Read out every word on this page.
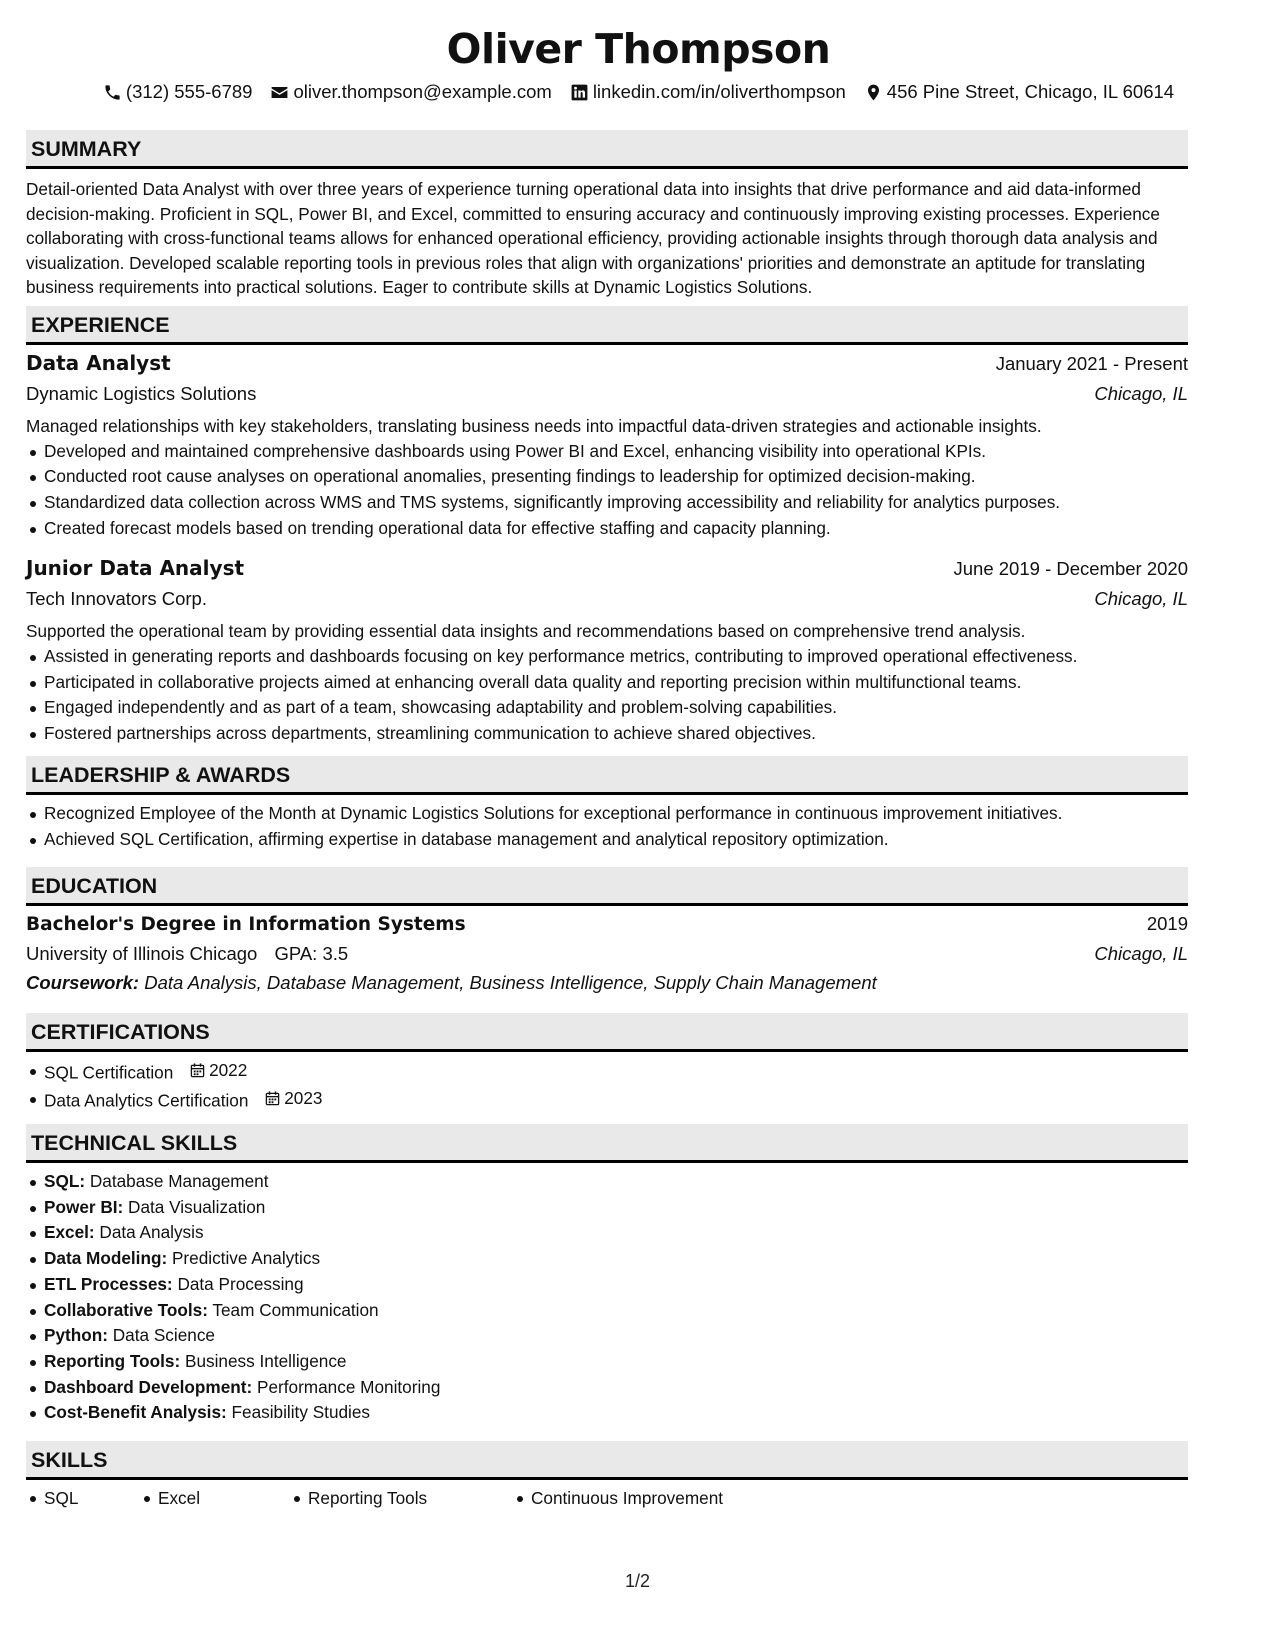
Oliver Thompson
(312) 555-6789 oliver.thompson@example.com linkedin.com/in/oliverthompson 456 Pine Street, Chicago, IL 60614
SUMMARY
Detail-oriented Data Analyst with over three years of experience turning operational data into insights that drive performance and aid data-informed decision-making. Proficient in SQL, Power BI, and Excel, committed to ensuring accuracy and continuously improving existing processes. Experience collaborating with cross-functional teams allows for enhanced operational efficiency, providing actionable insights through thorough data analysis and visualization. Developed scalable reporting tools in previous roles that align with organizations' priorities and demonstrate an aptitude for translating business requirements into practical solutions. Eager to contribute skills at Dynamic Logistics Solutions.
EXPERIENCE
Data Analyst	January 2021 - Present
Dynamic Logistics Solutions	Chicago, IL
Managed relationships with key stakeholders, translating business needs into impactful data-driven strategies and actionable insights.
Developed and maintained comprehensive dashboards using Power BI and Excel, enhancing visibility into operational KPIs.
Conducted root cause analyses on operational anomalies, presenting findings to leadership for optimized decision-making.
Standardized data collection across WMS and TMS systems, significantly improving accessibility and reliability for analytics purposes.
Created forecast models based on trending operational data for effective staffing and capacity planning.
Junior Data Analyst	June 2019 - December 2020
Tech Innovators Corp.	Chicago, IL
Supported the operational team by providing essential data insights and recommendations based on comprehensive trend analysis.
Assisted in generating reports and dashboards focusing on key performance metrics, contributing to improved operational effectiveness.
Participated in collaborative projects aimed at enhancing overall data quality and reporting precision within multifunctional teams.
Engaged independently and as part of a team, showcasing adaptability and problem-solving capabilities.
Fostered partnerships across departments, streamlining communication to achieve shared objectives.
LEADERSHIP & AWARDS
Recognized Employee of the Month at Dynamic Logistics Solutions for exceptional performance in continuous improvement initiatives.
Achieved SQL Certification, affirming expertise in database management and analytical repository optimization.
EDUCATION
Bachelor's Degree in Information Systems	2019
University of Illinois Chicago GPA: 3.5	Chicago, IL
Coursework: Data Analysis, Database Management, Business Intelligence, Supply Chain Management
CERTIFICATIONS
SQL Certification 2022
Data Analytics Certification 2023
TECHNICAL SKILLS
SQL: Database Management
Power BI: Data Visualization
Excel: Data Analysis
Data Modeling: Predictive Analytics
ETL Processes: Data Processing
Collaborative Tools: Team Communication
Python: Data Science
Reporting Tools: Business Intelligence
Dashboard Development: Performance Monitoring
Cost-Benefit Analysis: Feasibility Studies
SKILLS
SQL	Excel	Reporting Tools	Continuous Improvement
1/2
